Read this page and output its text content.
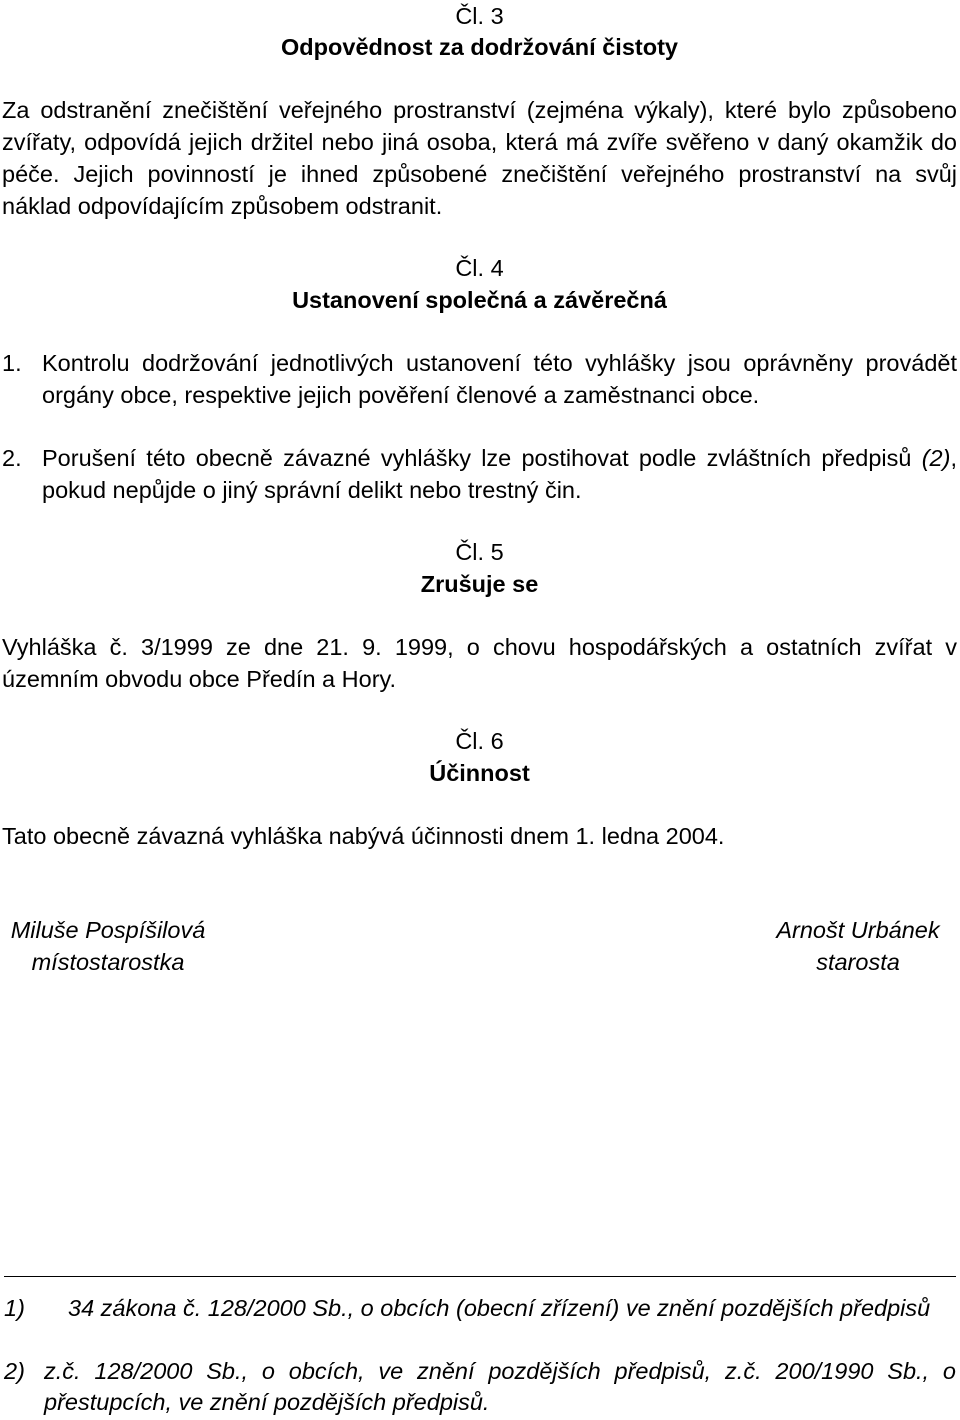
Čl. 3
Odpovědnost za dodržování čistoty
Za odstranění znečištění veřejného prostranství (zejména výkaly), které bylo způsobeno zvířaty, odpovídá jejich držitel nebo jiná osoba, která má zvíře svěřeno v daný okamžik do péče. Jejich povinností je ihned způsobené znečištění veřejného prostranství na svůj náklad odpovídajícím způsobem odstranit.
Čl. 4
Ustanovení společná a závěrečná
1. Kontrolu dodržování jednotlivých ustanovení této vyhlášky jsou oprávněny provádět orgány obce, respektive jejich pověření členové a zaměstnanci obce.
2. Porušení této obecně závazné vyhlášky lze postihovat podle zvláštních předpisů (2), pokud nepůjde o jiný správní delikt nebo trestný čin.
Čl. 5
Zrušuje se
Vyhláška č. 3/1999 ze dne 21. 9. 1999, o chovu hospodářských a ostatních zvířat v územním obvodu obce Předín a Hory.
Čl. 6
Účinnost
Tato obecně závazná vyhláška nabývá účinnosti dnem 1. ledna 2004.
Miluše Pospíšilová
místostarostka
Arnošt Urbánek
starosta
1)	34 zákona č. 128/2000 Sb., o obcích (obecní zřízení) ve znění pozdějších předpisů
2) z.č. 128/2000 Sb., o obcích, ve znění pozdějších předpisů, z.č. 200/1990 Sb., o přestupcích, ve znění pozdějších předpisů.
